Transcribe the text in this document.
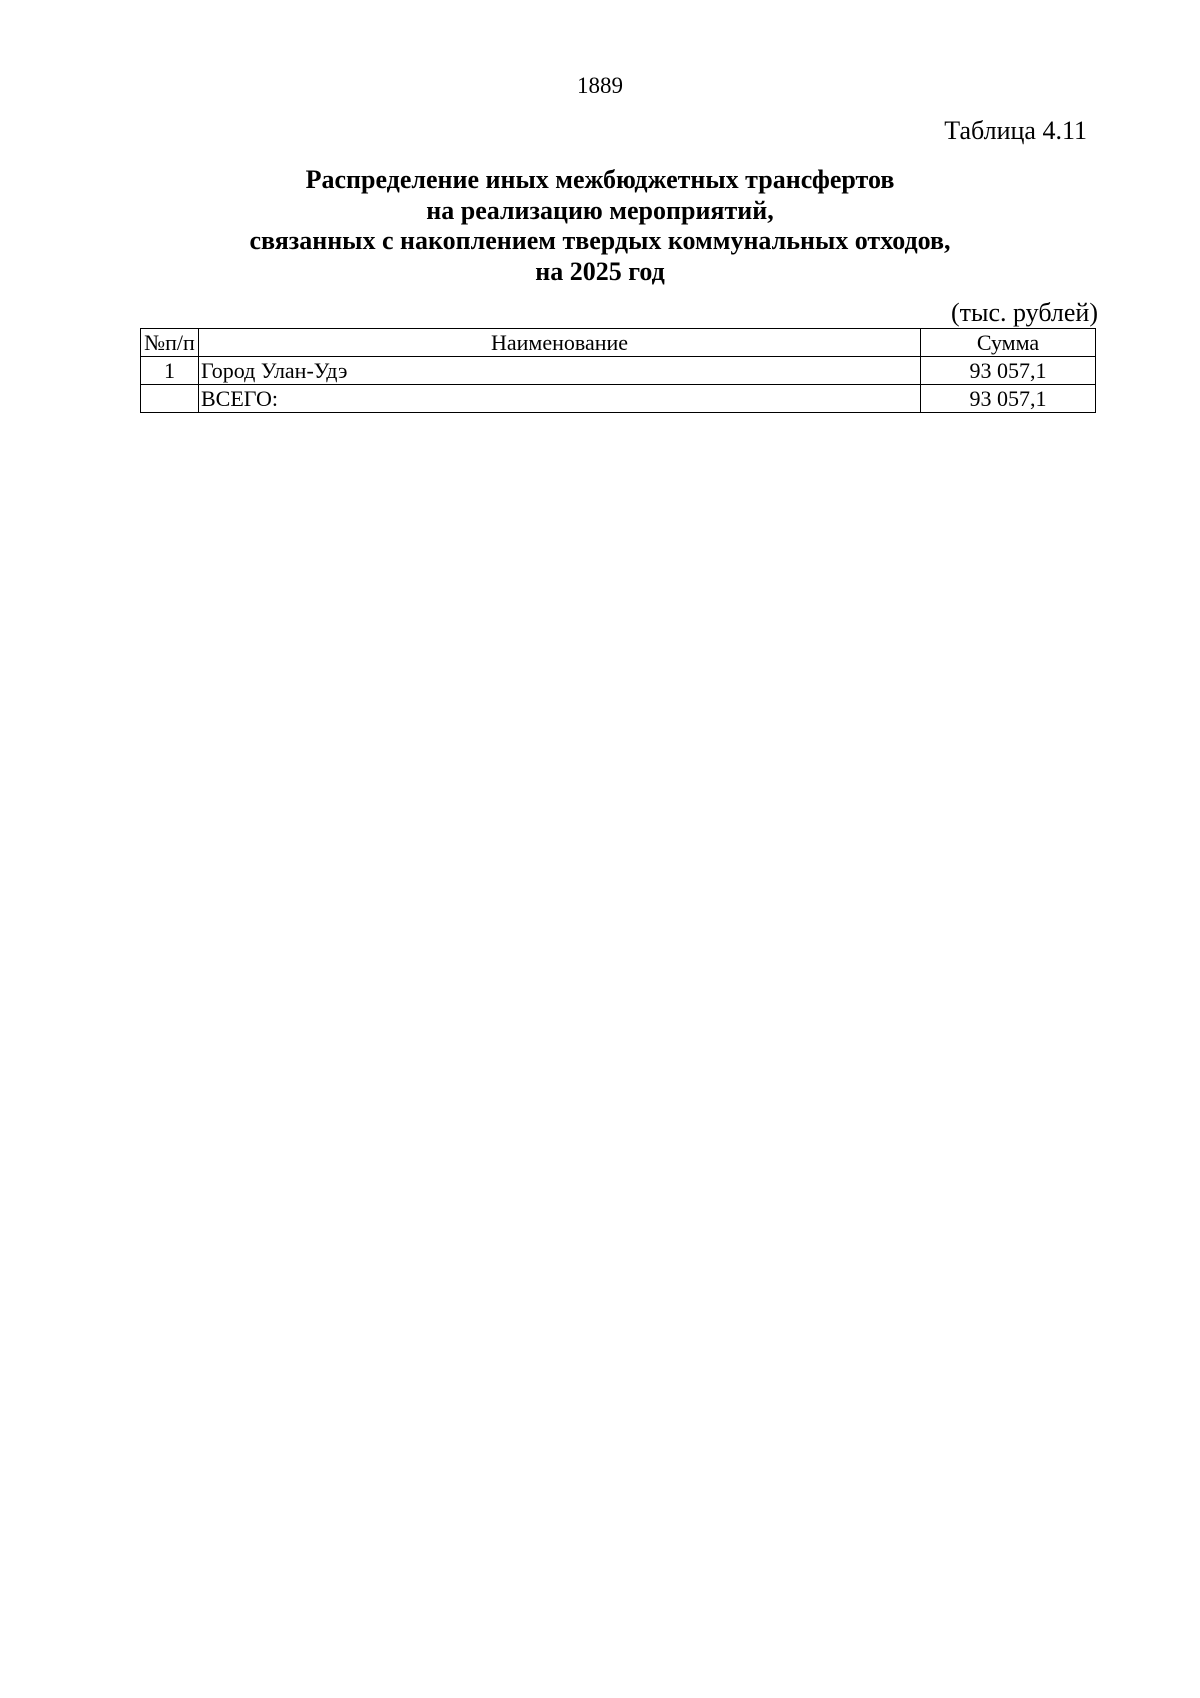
1889
Таблица 4.11
Распределение иных межбюджетных трансфертов
на реализацию мероприятий,
связанных с накоплением твердых коммунальных отходов,
на 2025 год
(тыс. рублей)
№п/п	Наименование	Сумма
1	Город Улан-Удэ	93 057,1
	ВСЕГО:	93 057,1
